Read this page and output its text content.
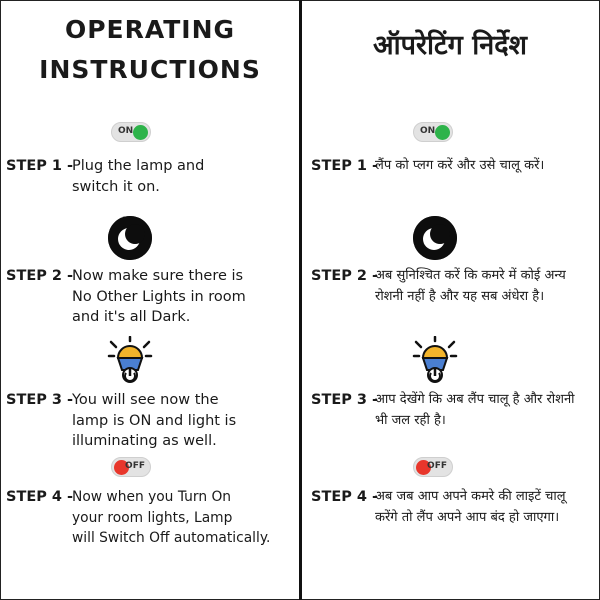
OPERATING
INSTRUCTIONS
ON
STEP 1 -
Plug the lamp and
switch it on.
STEP 2 -
Now make sure there is
No Other Lights in room
and it's all Dark.
STEP 3 -
You will see now the
lamp is ON and light is
illuminating as well.
OFF
STEP 4 -
Now when you Turn On
your room lights, Lamp
will Switch Off automatically.
ऑपरेटिंग निर्देश
ON
STEP 1 -
लैंप को प्लग करें और उसे चालू करें।
STEP 2 -
अब सुनिश्चित करें कि कमरे में कोई अन्य
रोशनी नहीं है और यह सब अंधेरा है।
STEP 3 -
आप देखेंगे कि अब लैंप चालू है और रोशनी
भी जल रही है।
OFF
STEP 4 -
अब जब आप अपने कमरे की लाइटें चालू
करेंगे तो लैंप अपने आप बंद हो जाएगा।
